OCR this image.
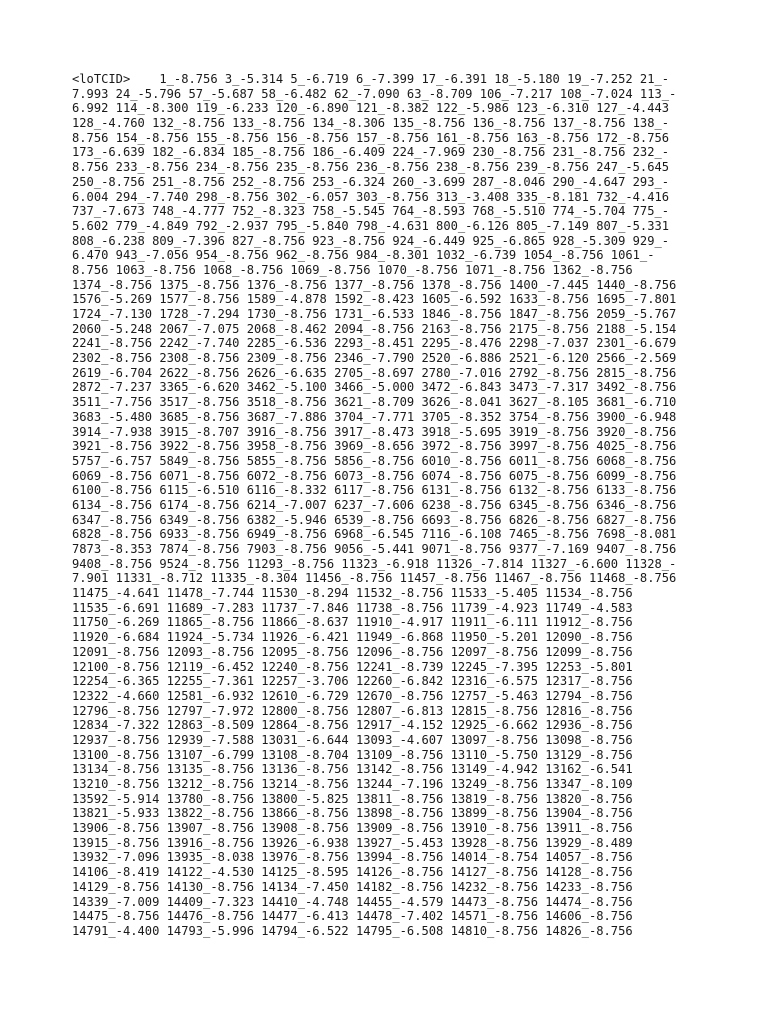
<loTCID>    1_-8.756 3_-5.314 5_-6.719 6_-7.399 17_-6.391 18_-5.180 19_-7.252 21_-
7.993 24_-5.796 57_-5.687 58_-6.482 62_-7.090 63_-8.709 106_-7.217 108_-7.024 113_-
6.992 114_-8.300 119_-6.233 120_-6.890 121_-8.382 122_-5.986 123_-6.310 127_-4.443
128_-4.760 132_-8.756 133_-8.756 134_-8.306 135_-8.756 136_-8.756 137_-8.756 138_-
8.756 154_-8.756 155_-8.756 156_-8.756 157_-8.756 161_-8.756 163_-8.756 172_-8.756
173_-6.639 182_-6.834 185_-8.756 186_-6.409 224_-7.969 230_-8.756 231_-8.756 232_-
8.756 233_-8.756 234_-8.756 235_-8.756 236_-8.756 238_-8.756 239_-8.756 247_-5.645
250_-8.756 251_-8.756 252_-8.756 253_-6.324 260_-3.699 287_-8.046 290_-4.647 293_-
6.004 294_-7.740 298_-8.756 302_-6.057 303_-8.756 313_-3.408 335_-8.181 732_-4.416
737_-7.673 748_-4.777 752_-8.323 758_-5.545 764_-8.593 768_-5.510 774_-5.704 775_-
5.602 779_-4.849 792_-2.937 795_-5.840 798_-4.631 800_-6.126 805_-7.149 807_-5.331
808_-6.238 809_-7.396 827_-8.756 923_-8.756 924_-6.449 925_-6.865 928_-5.309 929_-
6.470 943_-7.056 954_-8.756 962_-8.756 984_-8.301 1032_-6.739 1054_-8.756 1061_-
8.756 1063_-8.756 1068_-8.756 1069_-8.756 1070_-8.756 1071_-8.756 1362_-8.756
1374_-8.756 1375_-8.756 1376_-8.756 1377_-8.756 1378_-8.756 1400_-7.445 1440_-8.756
1576_-5.269 1577_-8.756 1589_-4.878 1592_-8.423 1605_-6.592 1633_-8.756 1695_-7.801
1724_-7.130 1728_-7.294 1730_-8.756 1731_-6.533 1846_-8.756 1847_-8.756 2059_-5.767
2060_-5.248 2067_-7.075 2068_-8.462 2094_-8.756 2163_-8.756 2175_-8.756 2188_-5.154
2241_-8.756 2242_-7.740 2285_-6.536 2293_-8.451 2295_-8.476 2298_-7.037 2301_-6.679
2302_-8.756 2308_-8.756 2309_-8.756 2346_-7.790 2520_-6.886 2521_-6.120 2566_-2.569
2619_-6.704 2622_-8.756 2626_-6.635 2705_-8.697 2780_-7.016 2792_-8.756 2815_-8.756
2872_-7.237 3365_-6.620 3462_-5.100 3466_-5.000 3472_-6.843 3473_-7.317 3492_-8.756
3511_-7.756 3517_-8.756 3518_-8.756 3621_-8.709 3626_-8.041 3627_-8.105 3681_-6.710
3683_-5.480 3685_-8.756 3687_-7.886 3704_-7.771 3705_-8.352 3754_-8.756 3900_-6.948
3914_-7.938 3915_-8.707 3916_-8.756 3917_-8.473 3918_-5.695 3919_-8.756 3920_-8.756
3921_-8.756 3922_-8.756 3958_-8.756 3969_-8.656 3972_-8.756 3997_-8.756 4025_-8.756
5757_-6.757 5849_-8.756 5855_-8.756 5856_-8.756 6010_-8.756 6011_-8.756 6068_-8.756
6069_-8.756 6071_-8.756 6072_-8.756 6073_-8.756 6074_-8.756 6075_-8.756 6099_-8.756
6100_-8.756 6115_-6.510 6116_-8.332 6117_-8.756 6131_-8.756 6132_-8.756 6133_-8.756
6134_-8.756 6174_-8.756 6214_-7.007 6237_-7.606 6238_-8.756 6345_-8.756 6346_-8.756
6347_-8.756 6349_-8.756 6382_-5.946 6539_-8.756 6693_-8.756 6826_-8.756 6827_-8.756
6828_-8.756 6933_-8.756 6949_-8.756 6968_-6.545 7116_-6.108 7465_-8.756 7698_-8.081
7873_-8.353 7874_-8.756 7903_-8.756 9056_-5.441 9071_-8.756 9377_-7.169 9407_-8.756
9408_-8.756 9524_-8.756 11293_-8.756 11323_-6.918 11326_-7.814 11327_-6.600 11328_-
7.901 11331_-8.712 11335_-8.304 11456_-8.756 11457_-8.756 11467_-8.756 11468_-8.756
11475_-4.641 11478_-7.744 11530_-8.294 11532_-8.756 11533_-5.405 11534_-8.756
11535_-6.691 11689_-7.283 11737_-7.846 11738_-8.756 11739_-4.923 11749_-4.583
11750_-6.269 11865_-8.756 11866_-8.637 11910_-4.917 11911_-6.111 11912_-8.756
11920_-6.684 11924_-5.734 11926_-6.421 11949_-6.868 11950_-5.201 12090_-8.756
12091_-8.756 12093_-8.756 12095_-8.756 12096_-8.756 12097_-8.756 12099_-8.756
12100_-8.756 12119_-6.452 12240_-8.756 12241_-8.739 12245_-7.395 12253_-5.801
12254_-6.365 12255_-7.361 12257_-3.706 12260_-6.842 12316_-6.575 12317_-8.756
12322_-4.660 12581_-6.932 12610_-6.729 12670_-8.756 12757_-5.463 12794_-8.756
12796_-8.756 12797_-7.972 12800_-8.756 12807_-6.813 12815_-8.756 12816_-8.756
12834_-7.322 12863_-8.509 12864_-8.756 12917_-4.152 12925_-6.662 12936_-8.756
12937_-8.756 12939_-7.588 13031_-6.644 13093_-4.607 13097_-8.756 13098_-8.756
13100_-8.756 13107_-6.799 13108_-8.704 13109_-8.756 13110_-5.750 13129_-8.756
13134_-8.756 13135_-8.756 13136_-8.756 13142_-8.756 13149_-4.942 13162_-6.541
13210_-8.756 13212_-8.756 13214_-8.756 13244_-7.196 13249_-8.756 13347_-8.109
13592_-5.914 13780_-8.756 13800_-5.825 13811_-8.756 13819_-8.756 13820_-8.756
13821_-5.933 13822_-8.756 13866_-8.756 13898_-8.756 13899_-8.756 13904_-8.756
13906_-8.756 13907_-8.756 13908_-8.756 13909_-8.756 13910_-8.756 13911_-8.756
13915_-8.756 13916_-8.756 13926_-6.938 13927_-5.453 13928_-8.756 13929_-8.489
13932_-7.096 13935_-8.038 13976_-8.756 13994_-8.756 14014_-8.754 14057_-8.756
14106_-8.419 14122_-4.530 14125_-8.595 14126_-8.756 14127_-8.756 14128_-8.756
14129_-8.756 14130_-8.756 14134_-7.450 14182_-8.756 14232_-8.756 14233_-8.756
14339_-7.009 14409_-7.323 14410_-4.748 14455_-4.579 14473_-8.756 14474_-8.756
14475_-8.756 14476_-8.756 14477_-6.413 14478_-7.402 14571_-8.756 14606_-8.756
14791_-4.400 14793_-5.996 14794_-6.522 14795_-6.508 14810_-8.756 14826_-8.756
